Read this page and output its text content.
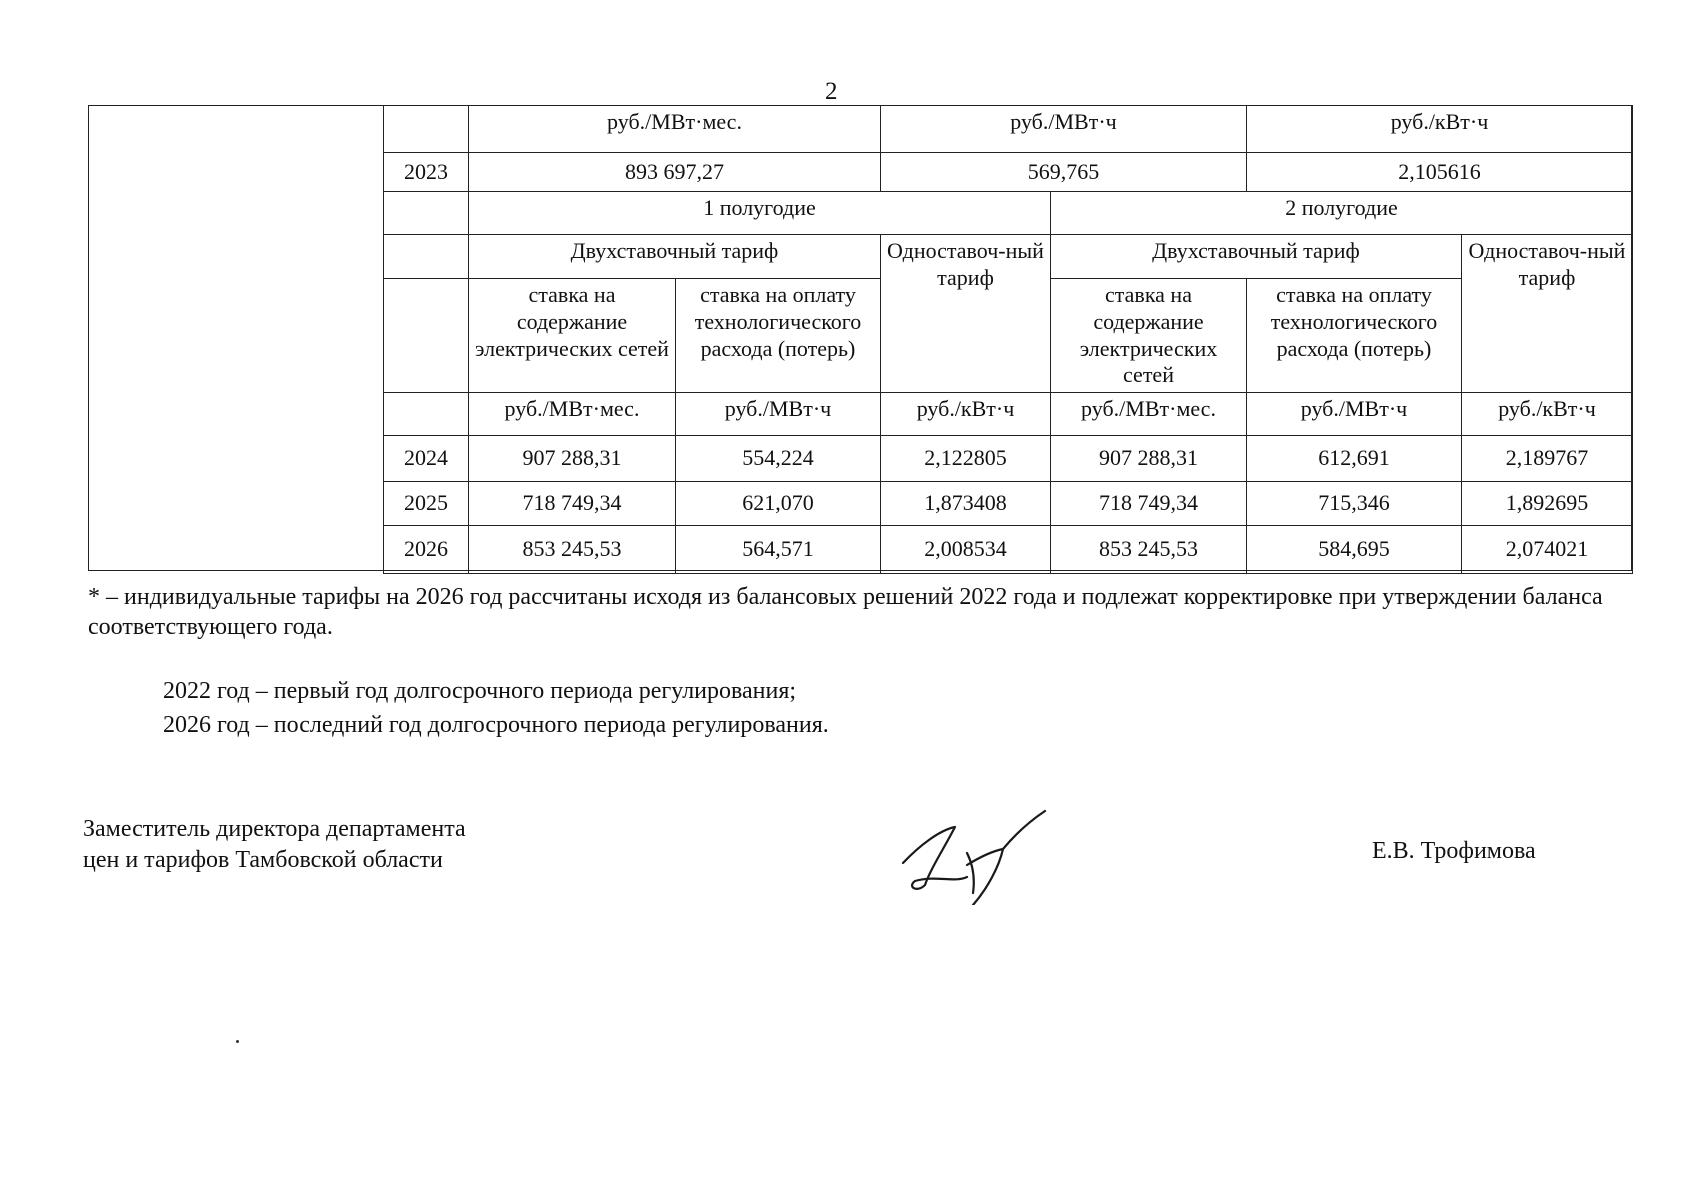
2
	руб./МВт·мес.		руб./МВт·ч		руб./кВт·ч	
2023	893 697,27		569,765		2,105616	
	1 полугодие			2 полугодие		
	Двухставочный тариф		Одноставоч-ный тариф	Двухставочный тариф		Одноставоч-ный тариф
	ставка на содержание электрических сетей	ставка на оплату технологического расхода (потерь)		ставка на содержание электрических сетей	ставка на оплату технологического расхода (потерь)	
	руб./МВт·мес.	руб./МВт·ч	руб./кВт·ч	руб./МВт·мес.	руб./МВт·ч	руб./кВт·ч
2024	907 288,31	554,224	2,122805	907 288,31	612,691	2,189767
2025	718 749,34	621,070	1,873408	718 749,34	715,346	1,892695
2026	853 245,53	564,571	2,008534	853 245,53	584,695	2,074021
* – индивидуальные тарифы на 2026 год рассчитаны исходя из балансовых решений 2022 года и подлежат корректировке при утверждении баланса соответствующего года.
2022 год – первый год долгосрочного периода регулирования;
2026 год – последний год долгосрочного периода регулирования.
Заместитель директора департамента
цен и тарифов Тамбовской области	Е.В. Трофимова
